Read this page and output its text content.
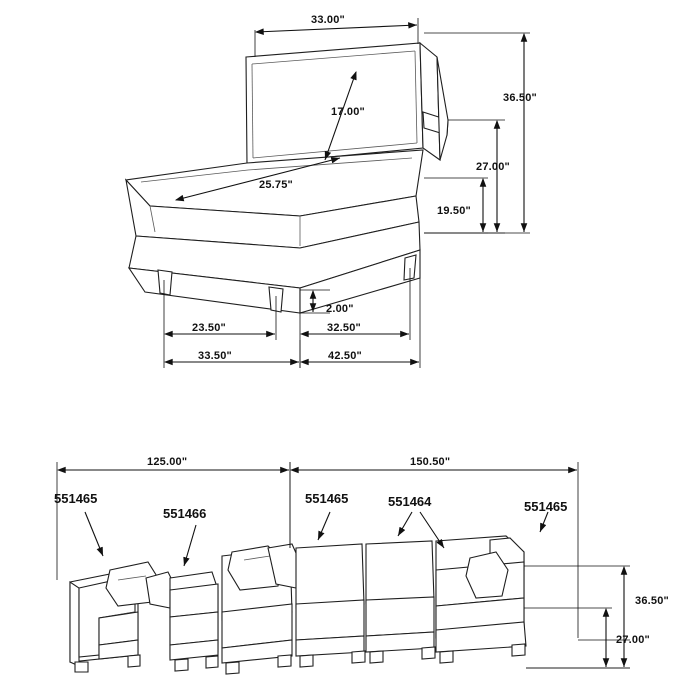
33.00"
17.00"
36.50"
27.00"
25.75"
19.50"
2.00"
23.50"	32.50"
33.50"	42.50"
125.00"	150.50"
36.50"
27.00"
551465
551466
551465	551464	551465
